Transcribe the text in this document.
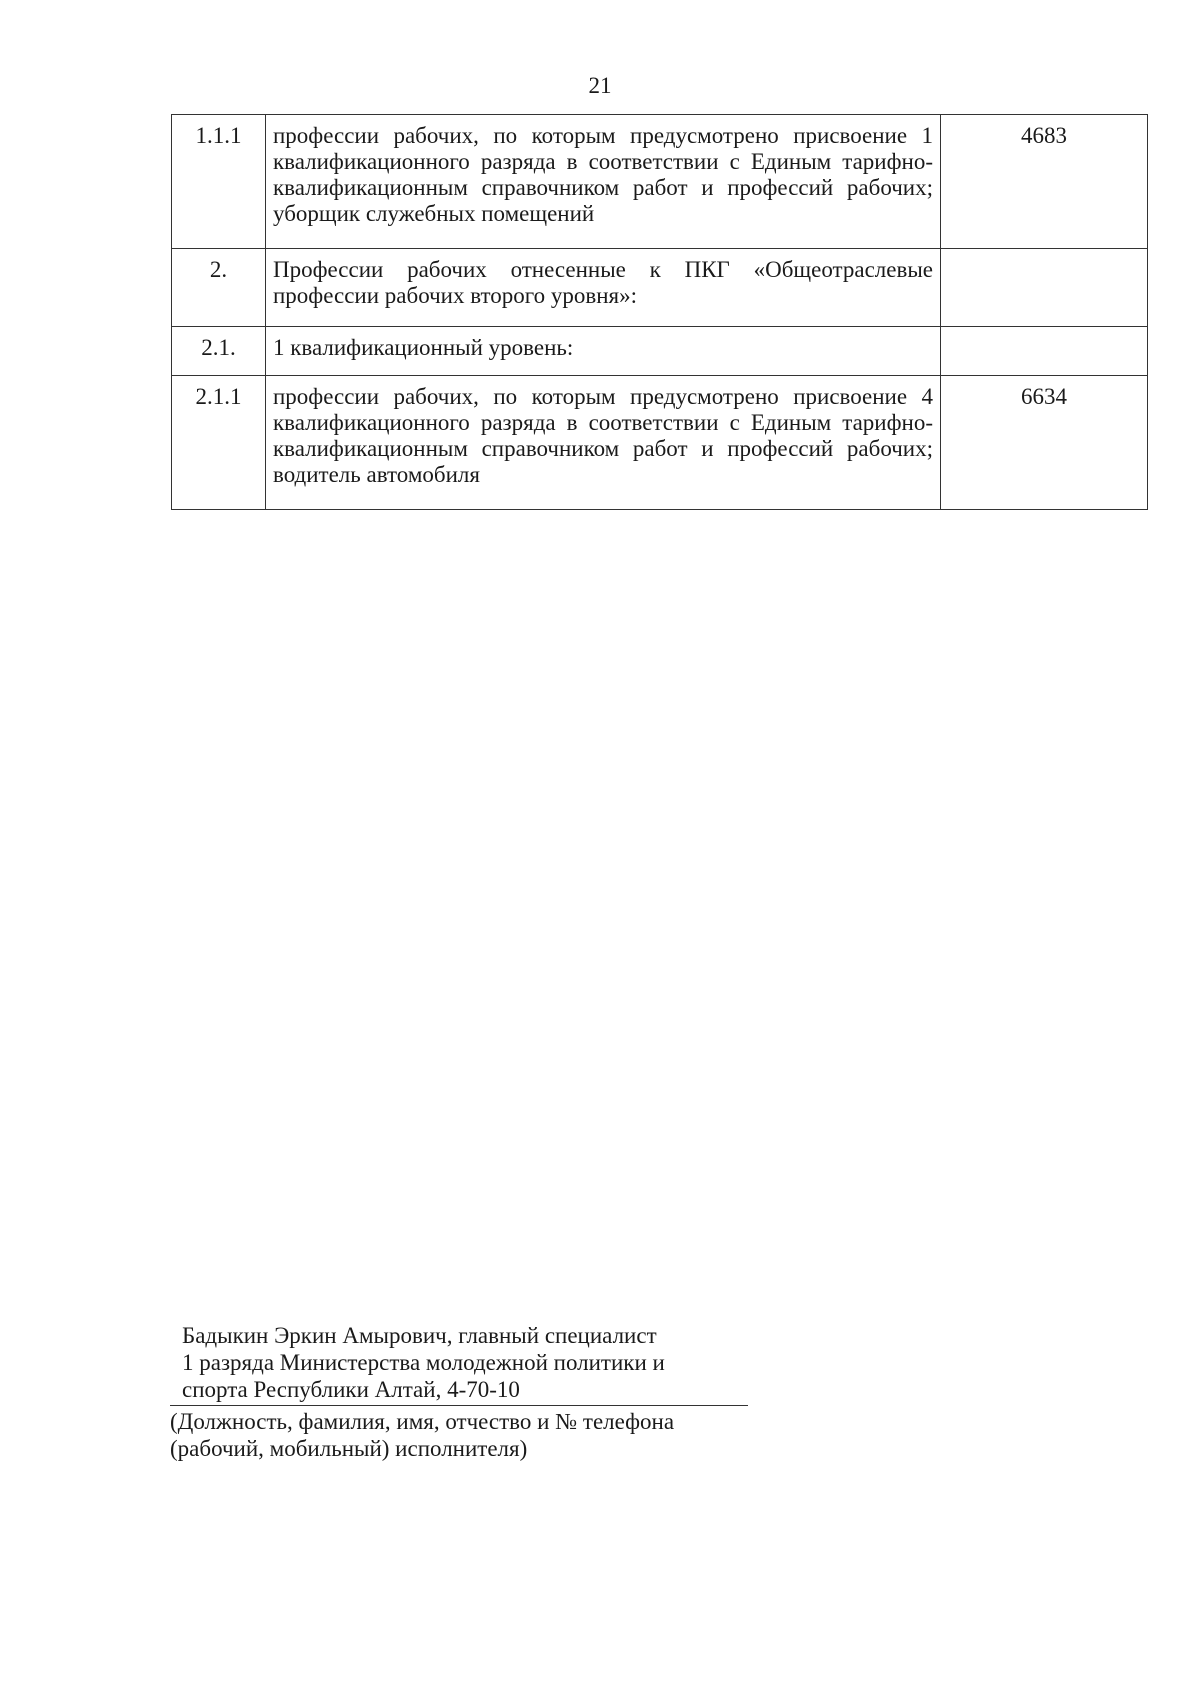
21
1.1.1	профессии рабочих, по которым предусмотрено присвоение 1 квалификационного разряда в соответствии с Единым тарифно-квалификационным справочником работ и профессий рабочих; уборщик служебных помещений	4683
2.	Профессии рабочих отнесенные к ПКГ «Общеотраслевые профессии рабочих второго уровня»:	
2.1.	1 квалификационный уровень:	
2.1.1	профессии рабочих, по которым предусмотрено присвоение 4 квалификационного разряда в соответствии с Единым тарифно-квалификационным справочником работ и профессий рабочих; водитель автомобиля	6634
Бадыкин Эркин Амырович, главный специалист
1 разряда Министерства молодежной политики и
спорта Республики Алтай, 4-70-10
(Должность, фамилия, имя, отчество и № телефона
(рабочий, мобильный) исполнителя)
